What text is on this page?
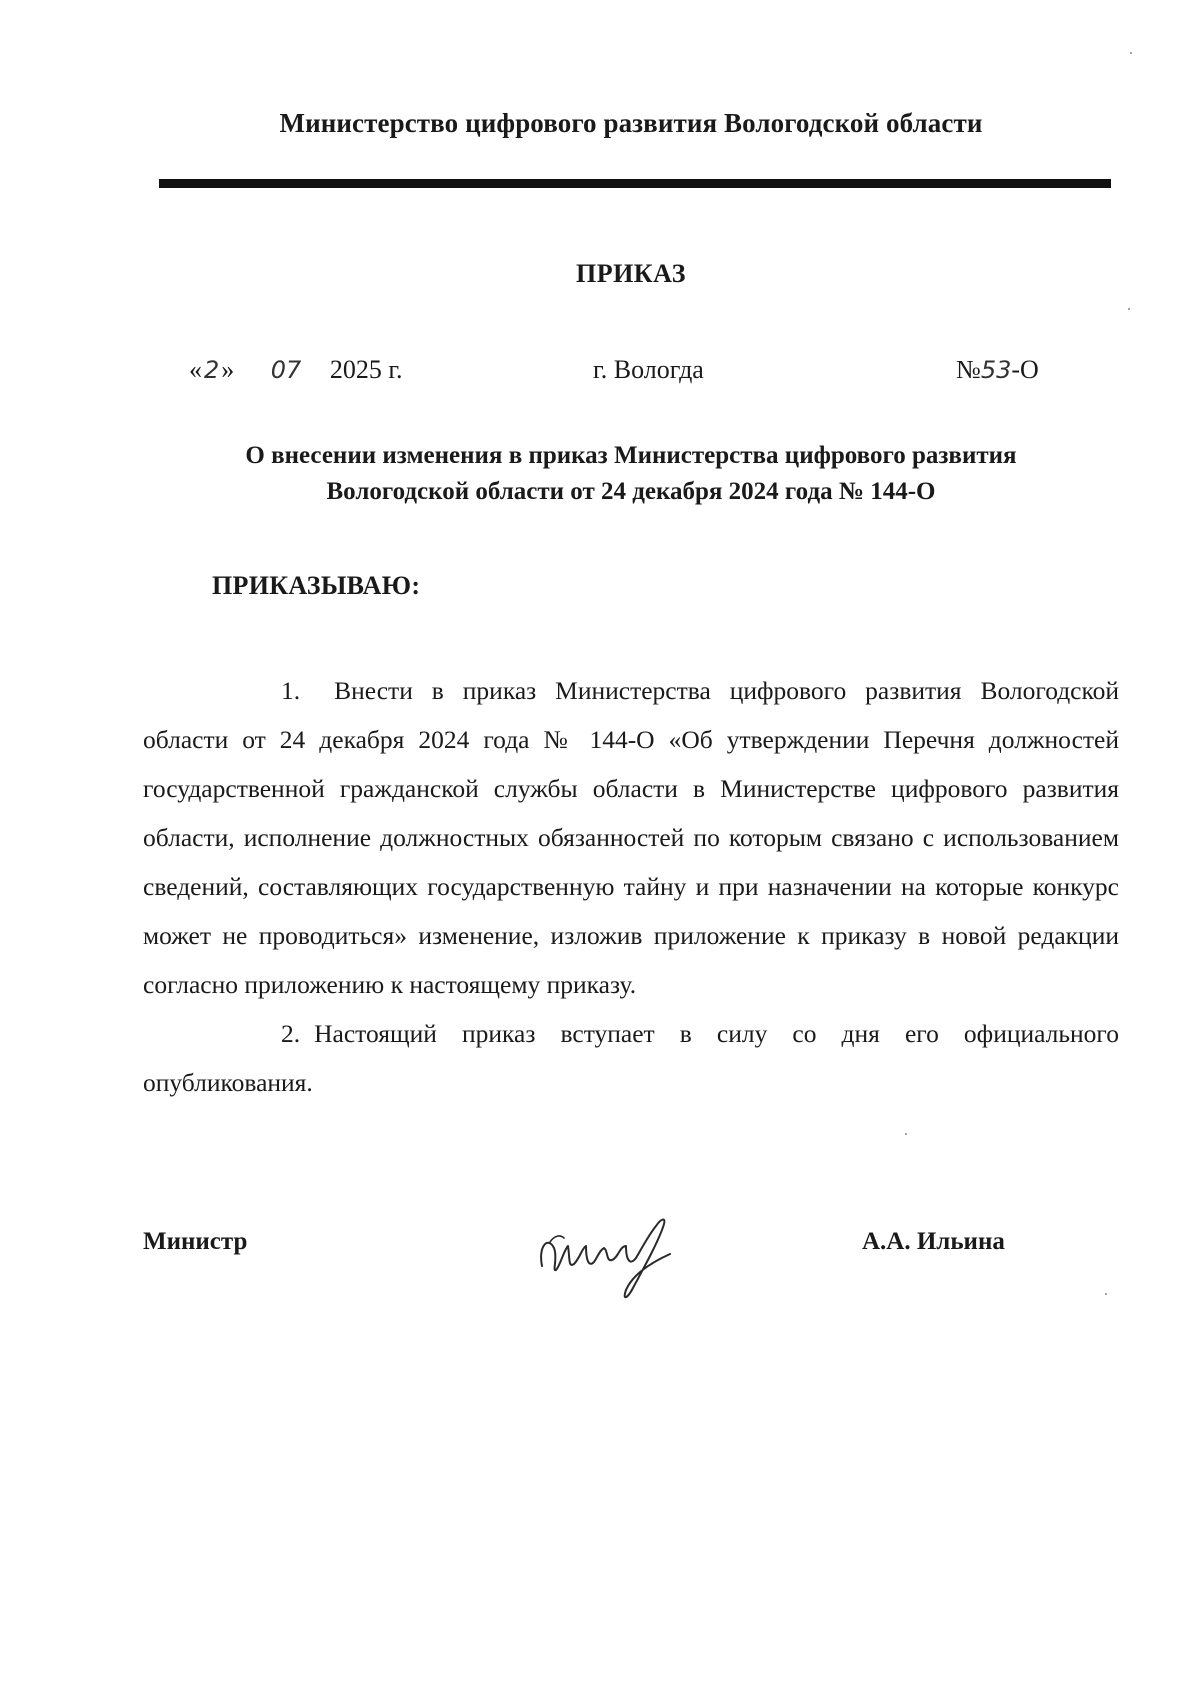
Министерство цифрового развития Вологодской области
ПРИКАЗ
«2» 07 2025 г.	г. Вологда	№53-О
О внесении изменения в приказ Министерства цифрового развития
Вологодской области от 24 декабря 2024 года № 144-О
ПРИКАЗЫВАЮ:

1. Внести в приказ Министерства цифрового развития Вологодской области от 24 декабря 2024 года № 144-О «Об утверждении Перечня должностей государственной гражданской службы области в Министерстве цифрового развития области, исполнение должностных обязанностей по которым связано с использованием сведений, составляющих государственную тайну и при назначении на которые конкурс может не проводиться» изменение, изложив приложение к приказу в новой редакции согласно приложению к настоящему приказу.

2. Настоящий приказ вступает в силу со дня его официального опубликования.

Министр	А.А. Ильина
